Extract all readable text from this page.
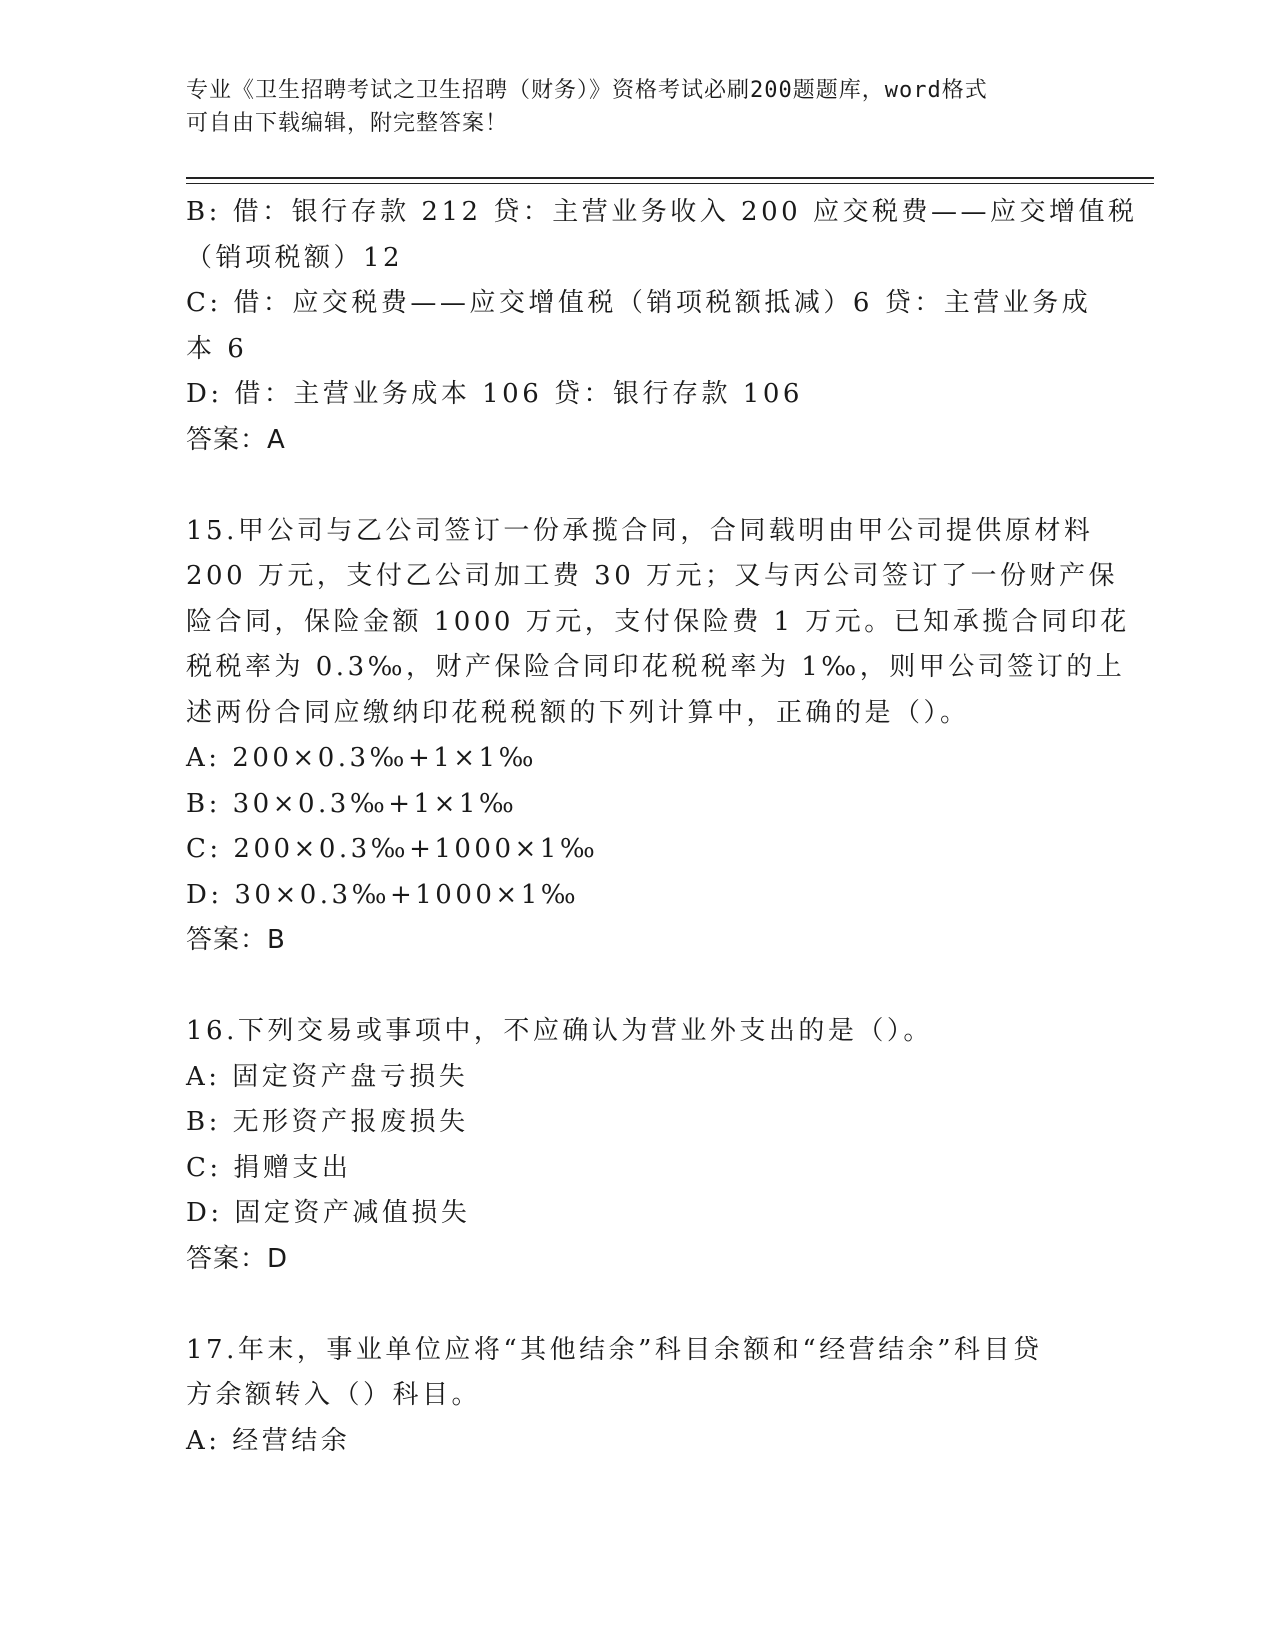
专业《卫生招聘考试之卫生招聘（财务）》资格考试必刷200题题库，word格式
可自由下载编辑，附完整答案！
B: 借：银行存款 212 贷：主营业务收入 200 应交税费——应交增值税
（销项税额）12
C: 借：应交税费——应交增值税（销项税额抵减）6 贷：主营业务成
本 6
D: 借：主营业务成本 106 贷：银行存款 106
答案：A
15.甲公司与乙公司签订一份承揽合同，合同载明由甲公司提供原材料
200 万元，支付乙公司加工费 30 万元；又与丙公司签订了一份财产保
险合同，保险金额 1000 万元，支付保险费 1 万元。已知承揽合同印花
税税率为 0.3‰，财产保险合同印花税税率为 1‰，则甲公司签订的上
述两份合同应缴纳印花税税额的下列计算中，正确的是（）。
A: 200×0.3‰+1×1‰
B: 30×0.3‰+1×1‰
C: 200×0.3‰+1000×1‰
D: 30×0.3‰+1000×1‰
答案：B
16.下列交易或事项中，不应确认为营业外支出的是（）。
A: 固定资产盘亏损失
B: 无形资产报废损失
C: 捐赠支出
D: 固定资产减值损失
答案：D
17.年末，事业单位应将“其他结余”科目余额和“经营结余”科目贷
方余额转入（）科目。
A: 经营结余
